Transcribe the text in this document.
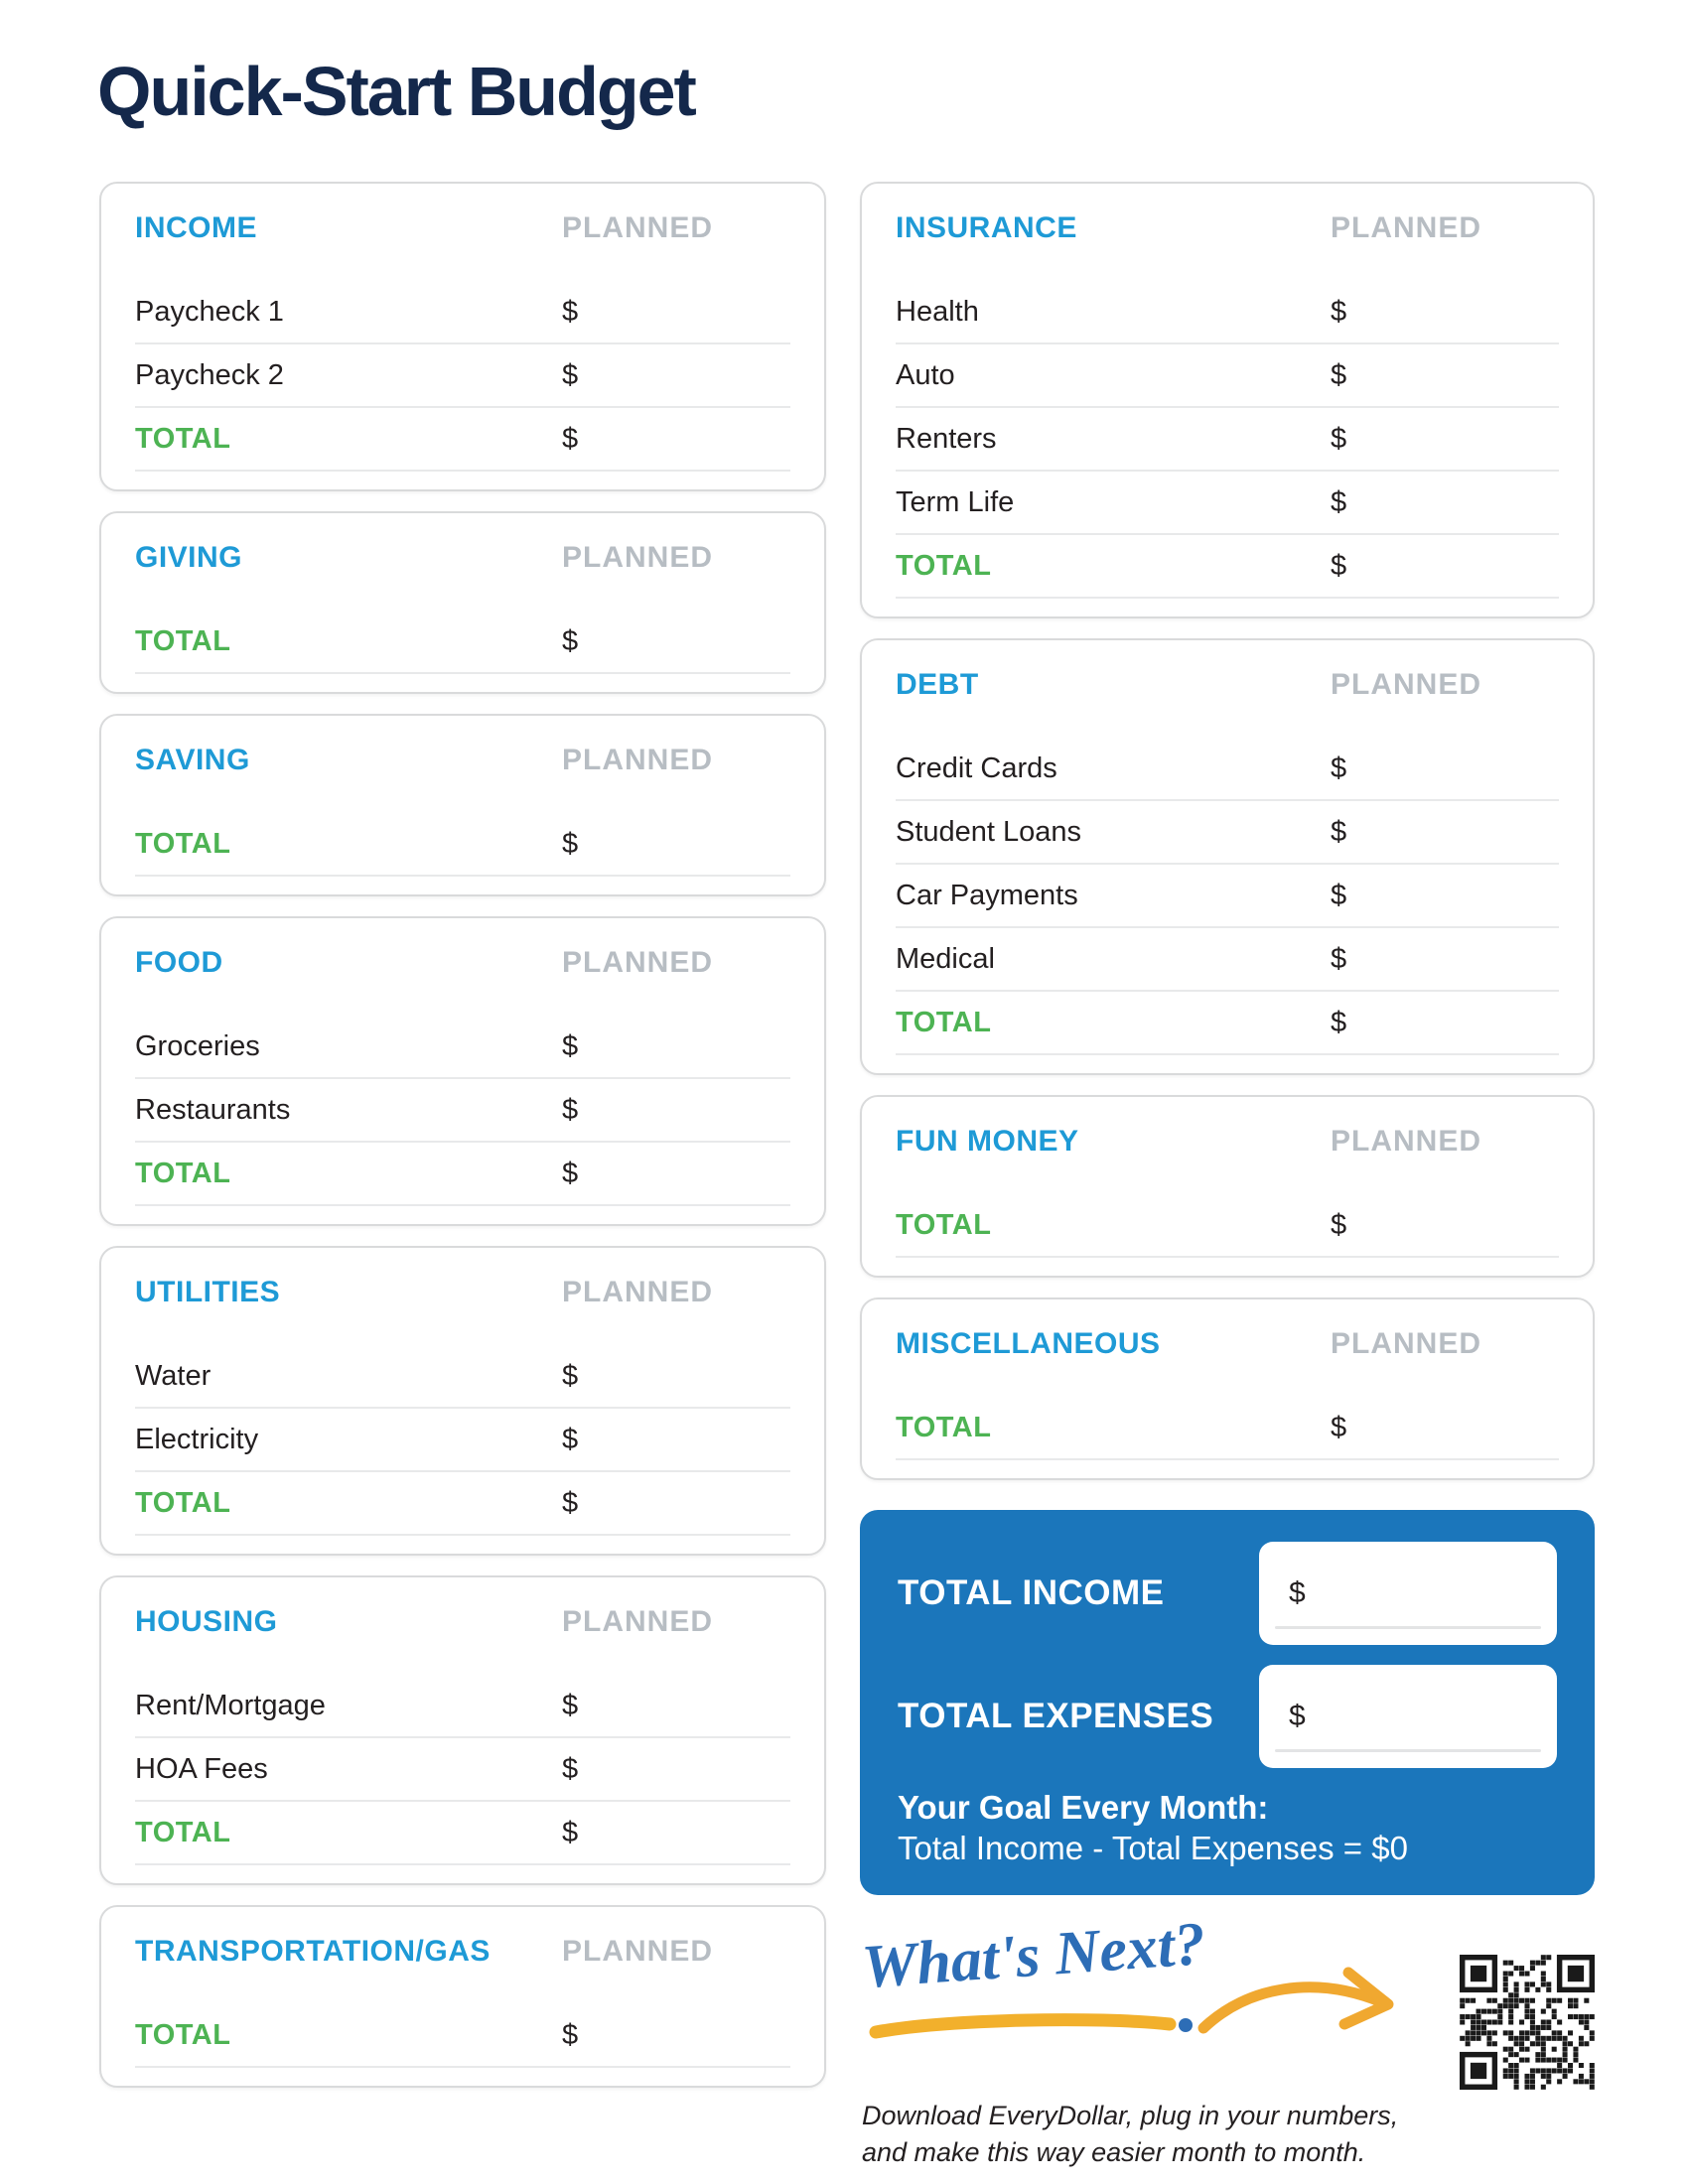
Quick-Start Budget
INCOME	PLANNED
Paycheck 1	$
Paycheck 2	$
TOTAL	$
GIVING	PLANNED
TOTAL	$
SAVING	PLANNED
TOTAL	$
FOOD	PLANNED
Groceries	$
Restaurants	$
TOTAL	$
UTILITIES	PLANNED
Water	$
Electricity	$
TOTAL	$
HOUSING	PLANNED
Rent/Mortgage	$
HOA Fees	$
TOTAL	$
TRANSPORTATION/GAS	PLANNED
TOTAL	$
INSURANCE	PLANNED
Health	$
Auto	$
Renters	$
Term Life	$
TOTAL	$
DEBT	PLANNED
Credit Cards	$
Student Loans	$
Car Payments	$
Medical	$
TOTAL	$
FUN MONEY	PLANNED
TOTAL	$
MISCELLANEOUS	PLANNED
TOTAL	$
TOTAL INCOME	$
TOTAL EXPENSES	$
Your Goal Every Month:
Total Income - Total Expenses = $0
What's Next?
Download EveryDollar, plug in your numbers,
and make this way easier month to month.
